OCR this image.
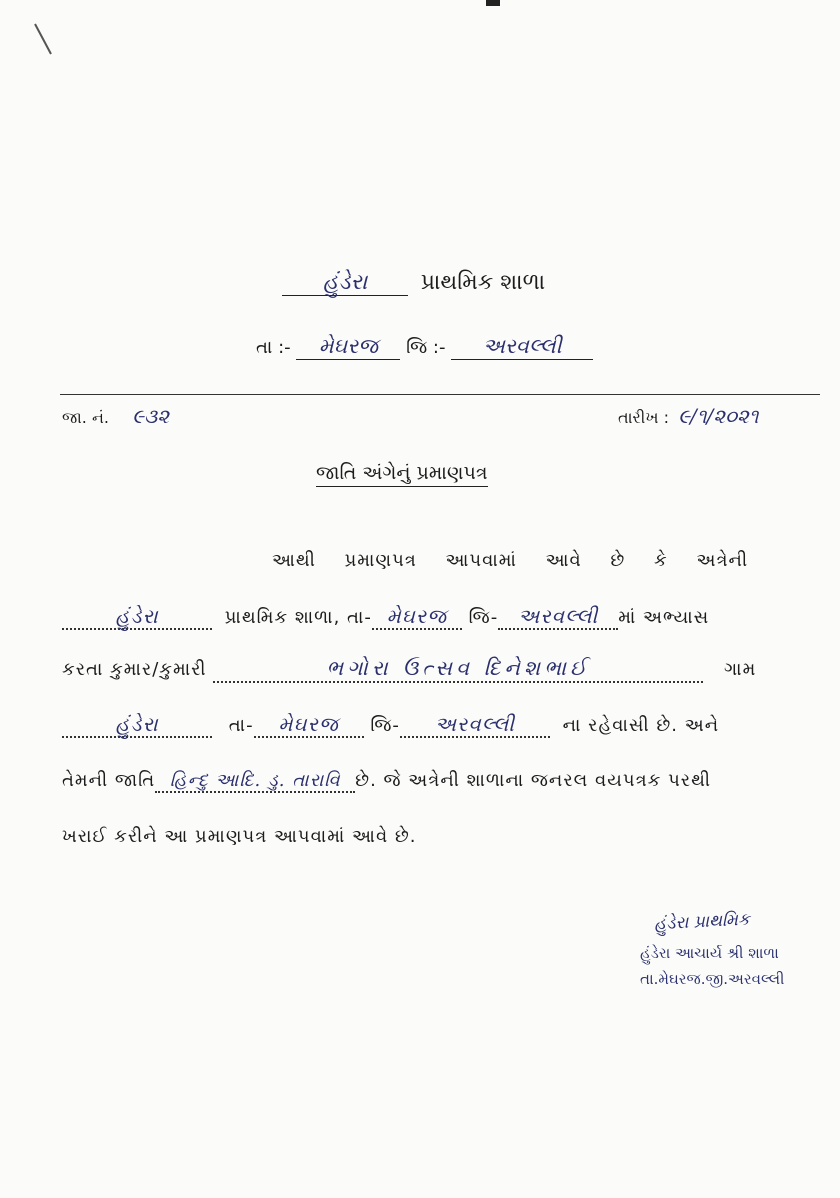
હુંડેરા પ્રાથમિક શાળા
તા :- મેઘરજ જિ :- અરવલ્લી
જા. નં. ૯૩૨	તારીખ : ૯/૧/૨૦૨૧
જાતિ અંગેનું પ્રમાણપત્ર
આથી પ્રમાણપત્ર આપવામાં આવે છે કે અત્રેની
હુંડેરા	પ્રાથમિક શાળા, તા- મેઘરજ જિ- અરવલ્લી માં અભ્યાસ
કરતા કુમાર/કુમારી	ભગોરા ઉત્સવ દિનેશભાઈ	ગામ
હુંડેરા	તા- મેઘરજ જિ- અરવલ્લી	ના રહેવાસી છે. અને
તેમની જાતિ હિન્દુ આદિ. ડુ. તારાવિ છે. જે અત્રેની શાળાના જનરલ વયપત્રક પરથી
ખરાઈ કરીને આ પ્રમાણપત્ર આપવામાં આવે છે.
હુંડેરા પ્રાથમિક
હુંડેરા આચાર્ય શ્રી શાળા
તા.મેઘરજ.જી.અરવલ્લી
